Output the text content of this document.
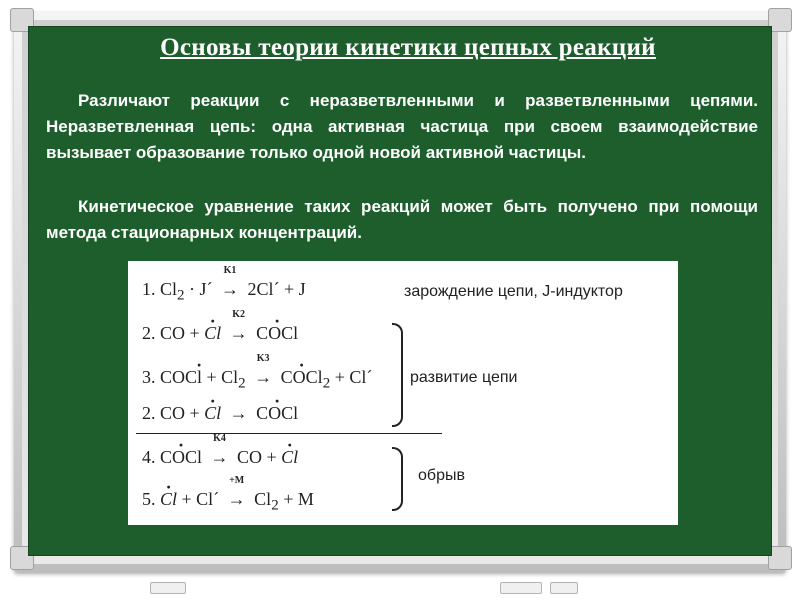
Основы теории кинетики цепных реакций

Различают реакции с неразветвленными и разветвленными цепями. Неразветвленная цепь: одна активная частица при своем взаимодействие вызывает образование только одной новой активной частицы.

Кинетическое уравнение таких реакций может быть получено при помощи метода стационарных концентраций.

1. $Cl_2$ · J´
K1
→ 2Cl´ + J	зарождение цепи, J-индуктор
2. CO + · Cl
K2
→ · COCl
3. · COCl + $Cl_2$
K3
→ · COCl$_2$ + Cl´
2. CO + · Cl → · COCl
развитие цепи
4. · COCl
K4
→ CO + · Cl
5. · Cl + Cl´
+M
→ $Cl_2 + M$
обрыв
